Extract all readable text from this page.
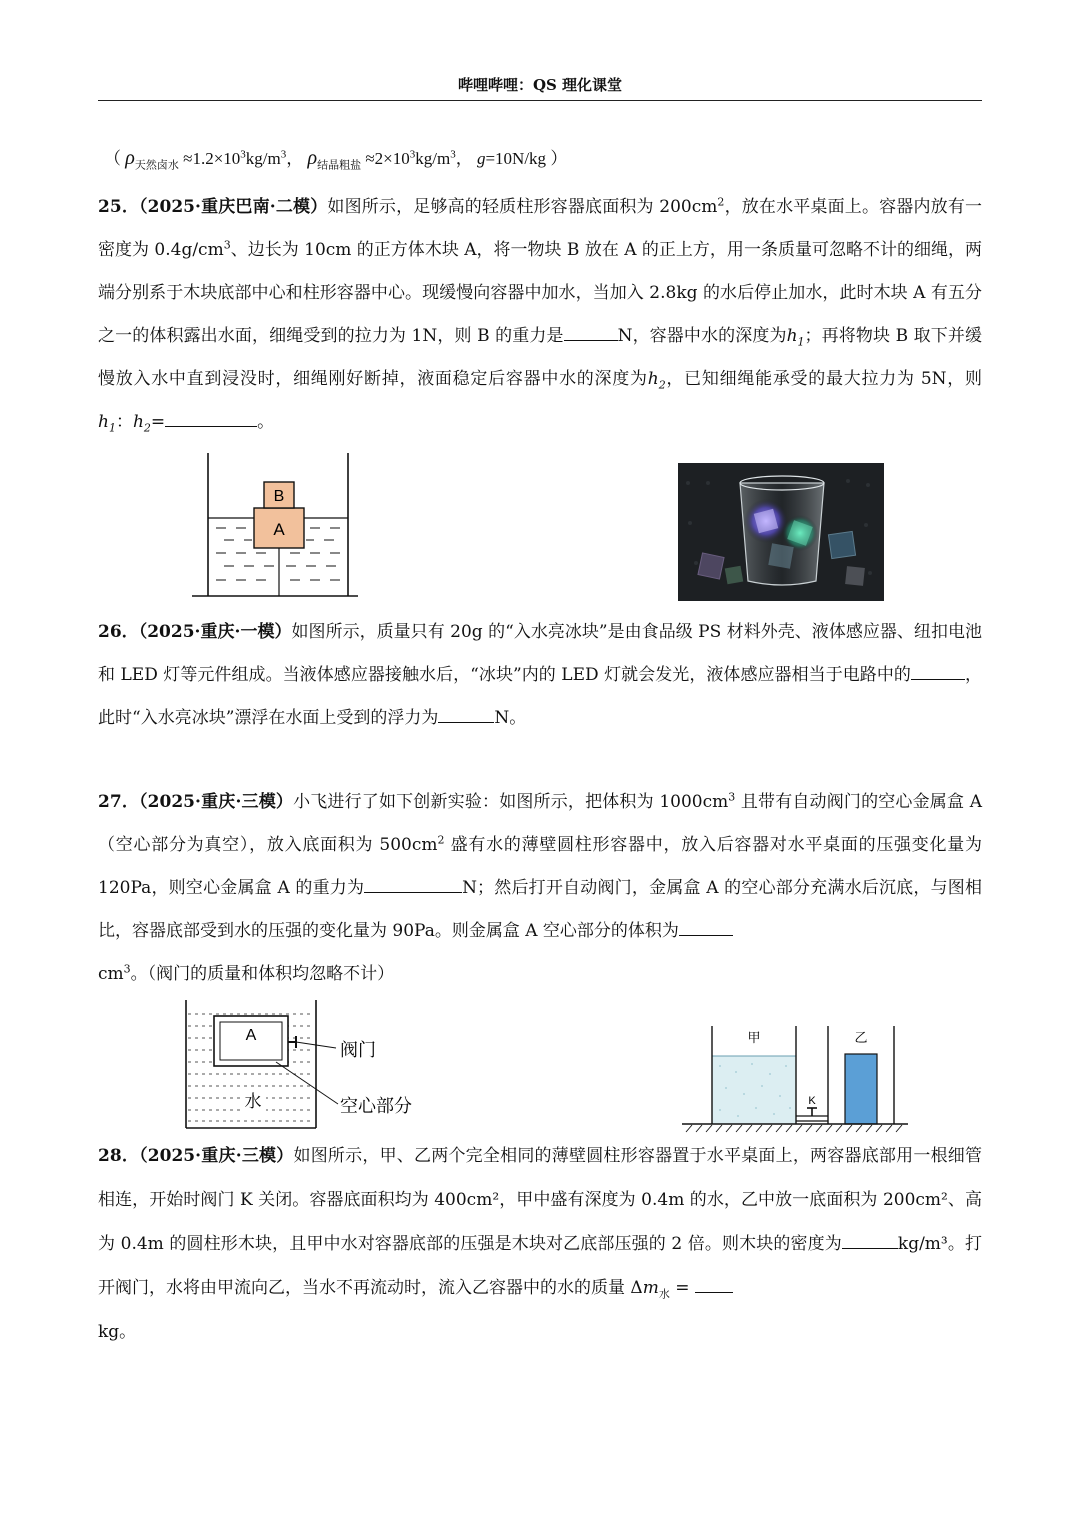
哔哩哔哩：QS 理化课堂
（ $\rho_{天然卤水} \approx 1.2\times 10^3kg/m^3$， $\rho_{结晶粗盐} \approx 2\times 10^3kg/m^3$， g=10N/kg ）
25．（2025·重庆巴南·二模）如图所示，足够高的轻质柱形容器底面积为 $200cm^2$，放在水平桌面上。容器内放有一密度为 $0.4g/cm^3$、边长为 10cm 的正方体木块 A，将一物块 B 放在 A 的正上方，用一条质量可忽略不计的细绳，两端分别系于木块底部中心和柱形容器中心。现缓慢向容器中加水，当加入 2.8kg 的水后停止加水，此时木块 A 有五分之一的体积露出水面，细绳受到的拉力为 1N，则 B 的重力是	N，容器中水的深度为$h_1$；再将物块 B 取下并缓慢放入水中直到浸没时，细绳刚好断掉，液面稳定后容器中水的深度为$h_2$，已知细绳能承受的最大拉力为 5N，则 $h_1$：$h_2=$	。
A
B
26．（2025·重庆·一模）如图所示，质量只有 20g 的“入水亮冰块”是由食品级 PS 材料外壳、液体感应器、纽扣电池和 LED 灯等元件组成。当液体感应器接触水后，“冰块”内的 LED 灯就会发光，液体感应器相当于电路中的	，此时“入水亮冰块”漂浮在水面上受到的浮力为	N。
27．（2025·重庆·三模）小飞进行了如下创新实验：如图所示，把体积为 $1000cm^3$ 且带有自动阀门的空心金属盒 A（空心部分为真空），放入底面积为 $500cm^2$ 盛有水的薄壁圆柱形容器中，放入后容器对水平桌面的压强变化量为 120Pa，则空心金属盒 A 的重力为	N；然后打开自动阀门，金属盒 A 的空心部分充满水后沉底，与图相比，容器底部受到水的压强的变化量为 90Pa。则金属盒 A 空心部分的体积为
$cm^3$。（阀门的质量和体积均忽略不计）
A
阀门
空心部分
水	K
甲	乙
28．（2025·重庆·三模）如图所示，甲、乙两个完全相同的薄壁圆柱形容器置于水平桌面上，两容器底部用一根细管相连，开始时阀门 K 关闭。容器底面积均为 400cm²，甲中盛有深度为 0.4m 的水，乙中放一底面积为 200cm²、高为 0.4m 的圆柱形木块，且甲中水对容器底部的压强是木块对乙底部压强的 2 倍。则木块的密度为	kg/m³。打开阀门，水将由甲流向乙，当水不再流动时，流入乙容器中的水的质量 $\Delta m_水$ =
kg。
